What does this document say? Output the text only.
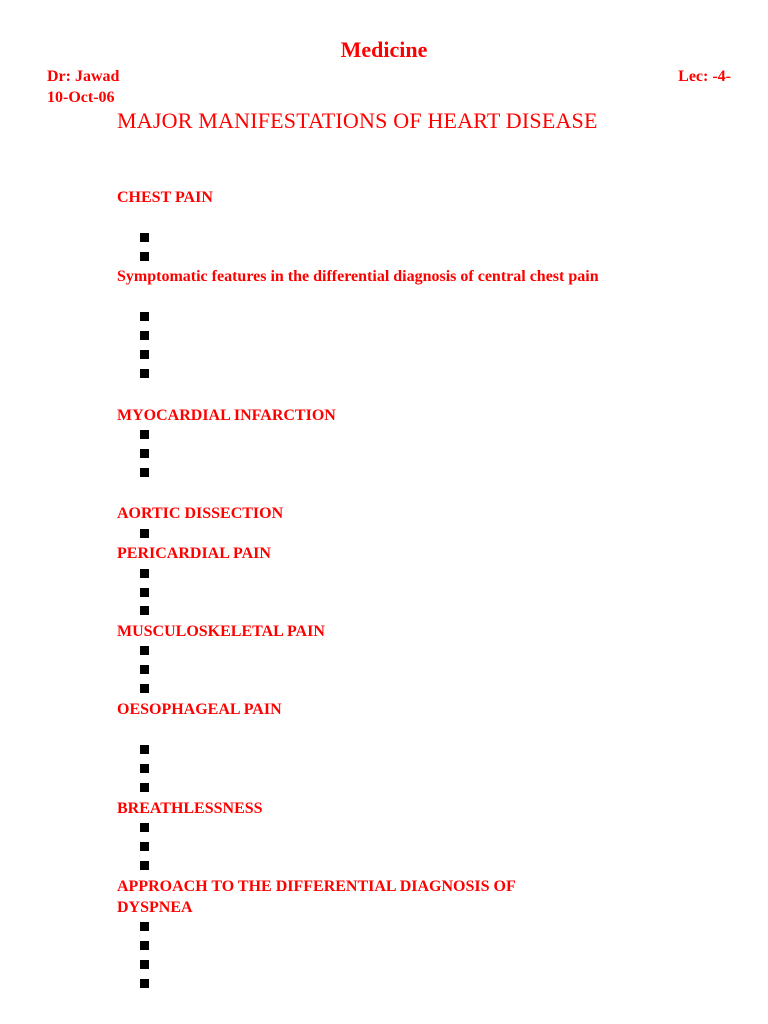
Medicine
Dr: Jawad	Lec: -4-
10-Oct-06
MAJOR MANIFESTATIONS OF HEART DISEASE
CHEST PAIN
Symptomatic features in the differential diagnosis of central chest pain
MYOCARDIAL INFARCTION
AORTIC DISSECTION
PERICARDIAL PAIN
MUSCULOSKELETAL PAIN
OESOPHAGEAL PAIN
BREATHLESSNESS
APPROACH TO THE DIFFERENTIAL DIAGNOSIS OF DYSPNEA
